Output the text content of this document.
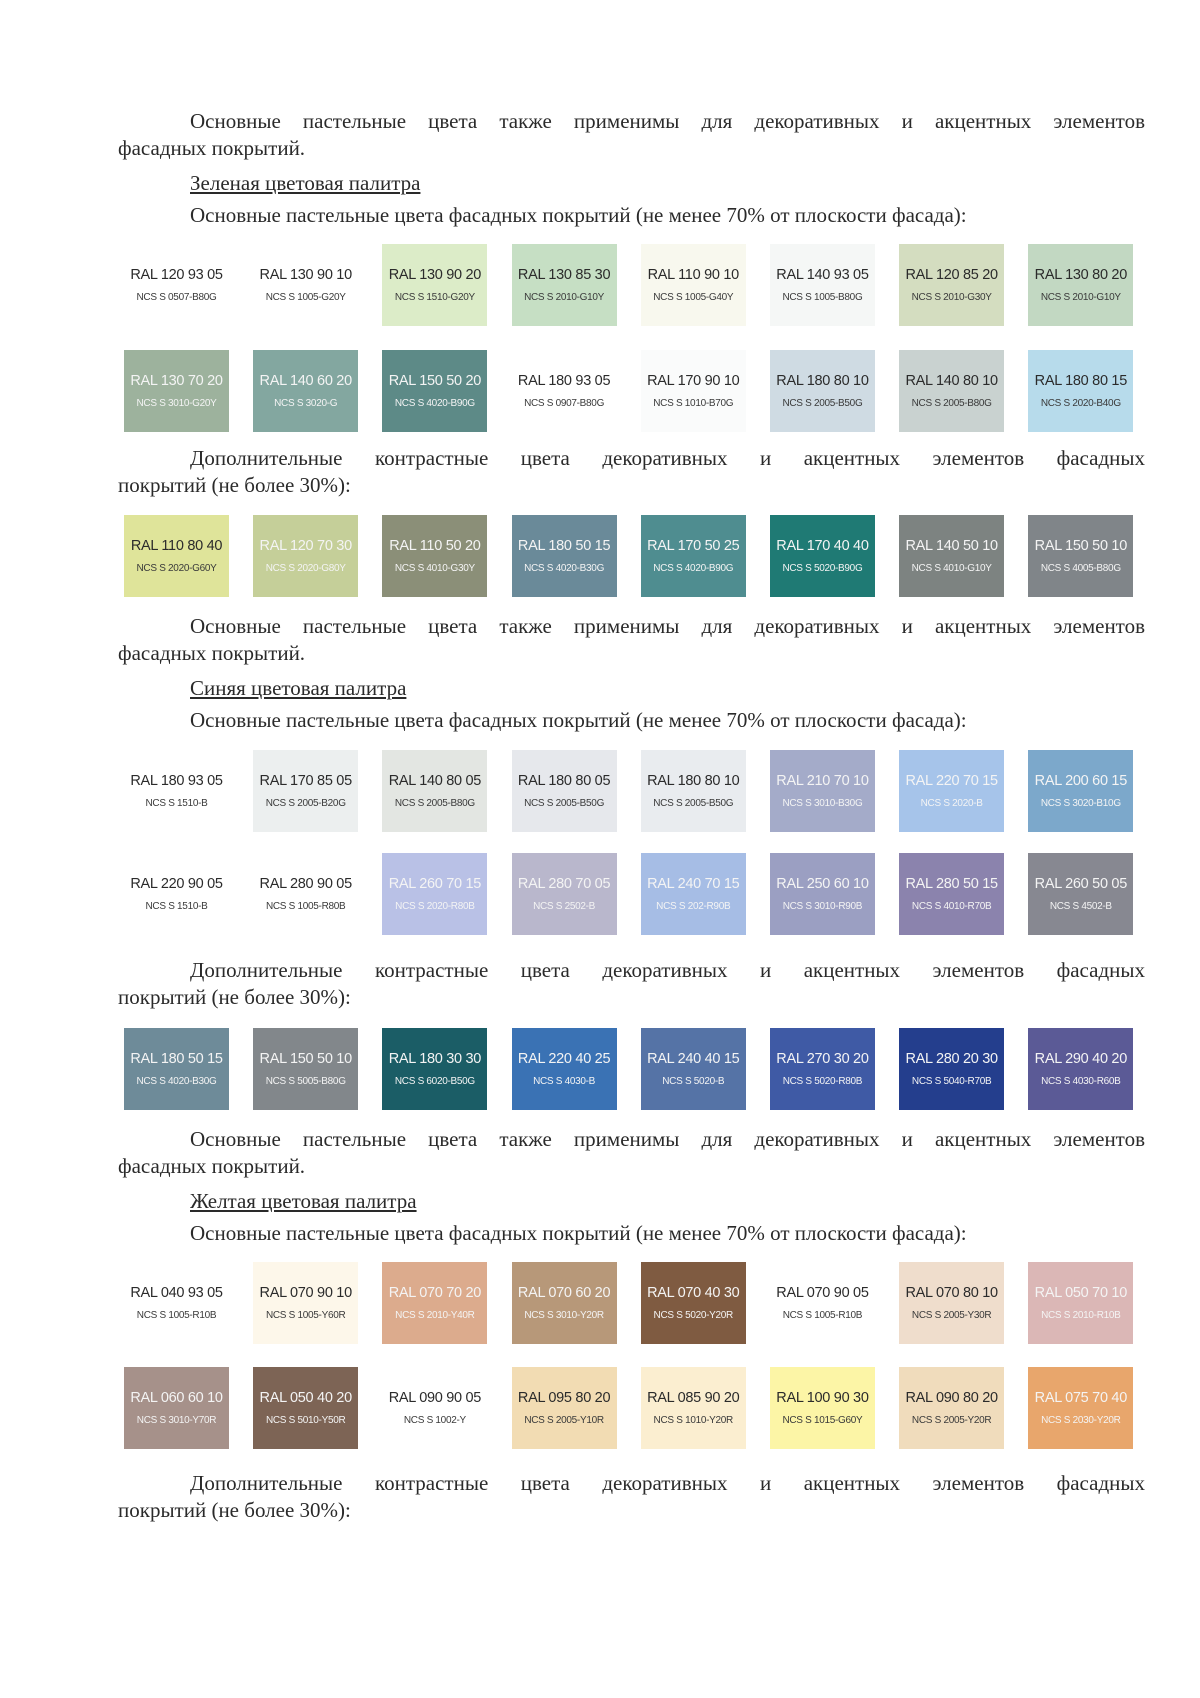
Основные пастельные цвета также применимы для декоративных и акцентных элементов
фасадных покрытий.
Зеленая цветовая палитра
Основные пастельные цвета фасадных покрытий (не менее 70% от плоскости фасада):
RAL 120 93 05
NCS S 0507-B80G
RAL 130 90 10
NCS S 1005-G20Y
RAL 130 90 20
NCS S 1510-G20Y
RAL 130 85 30
NCS S 2010-G10Y
RAL 110 90 10
NCS S 1005-G40Y
RAL 140 93 05
NCS S 1005-B80G
RAL 120 85 20
NCS S 2010-G30Y
RAL 130 80 20
NCS S 2010-G10Y
RAL 130 70 20
NCS S 3010-G20Y
RAL 140 60 20
NCS S 3020-G
RAL 150 50 20
NCS S 4020-B90G
RAL 180 93 05
NCS S 0907-B80G
RAL 170 90 10
NCS S 1010-B70G
RAL 180 80 10
NCS S 2005-B50G
RAL 140 80 10
NCS S 2005-B80G
RAL 180 80 15
NCS S 2020-B40G
Дополнительные контрастные цвета декоративных и акцентных элементов фасадных
покрытий (не более 30%):
RAL 110 80 40
NCS S 2020-G60Y
RAL 120 70 30
NCS S 2020-G80Y
RAL 110 50 20
NCS S 4010-G30Y
RAL 180 50 15
NCS S 4020-B30G
RAL 170 50 25
NCS S 4020-B90G
RAL 170 40 40
NCS S 5020-B90G
RAL 140 50 10
NCS S 4010-G10Y
RAL 150 50 10
NCS S 4005-B80G
Основные пастельные цвета также применимы для декоративных и акцентных элементов
фасадных покрытий.
Синяя цветовая палитра
Основные пастельные цвета фасадных покрытий (не менее 70% от плоскости фасада):
RAL 180 93 05
NCS S 1510-B
RAL 170 85 05
NCS S 2005-B20G
RAL 140 80 05
NCS S 2005-B80G
RAL 180 80 05
NCS S 2005-B50G
RAL 180 80 10
NCS S 2005-B50G
RAL 210 70 10
NCS S 3010-B30G
RAL 220 70 15
NCS S 2020-B
RAL 200 60 15
NCS S 3020-B10G
RAL 220 90 05
NCS S 1510-B
RAL 280 90 05
NCS S 1005-R80B
RAL 260 70 15
NCS S 2020-R80B
RAL 280 70 05
NCS S 2502-B
RAL 240 70 15
NCS S 202-R90B
RAL 250 60 10
NCS S 3010-R90B
RAL 280 50 15
NCS S 4010-R70B
RAL 260 50 05
NCS S 4502-B
Дополнительные контрастные цвета декоративных и акцентных элементов фасадных
покрытий (не более 30%):
RAL 180 50 15
NCS S 4020-B30G
RAL 150 50 10
NCS S 5005-B80G
RAL 180 30 30
NCS S 6020-B50G
RAL 220 40 25
NCS S 4030-B
RAL 240 40 15
NCS S 5020-B
RAL 270 30 20
NCS S 5020-R80B
RAL 280 20 30
NCS S 5040-R70B
RAL 290 40 20
NCS S 4030-R60B
Основные пастельные цвета также применимы для декоративных и акцентных элементов
фасадных покрытий.
Желтая цветовая палитра
Основные пастельные цвета фасадных покрытий (не менее 70% от плоскости фасада):
RAL 040 93 05
NCS S 1005-R10B
RAL 070 90 10
NCS S 1005-Y60R
RAL 070 70 20
NCS S 2010-Y40R
RAL 070 60 20
NCS S 3010-Y20R
RAL 070 40 30
NCS S 5020-Y20R
RAL 070 90 05
NCS S 1005-R10B
RAL 070 80 10
NCS S 2005-Y30R
RAL 050 70 10
NCS S 2010-R10B
RAL 060 60 10
NCS S 3010-Y70R
RAL 050 40 20
NCS S 5010-Y50R
RAL 090 90 05
NCS S 1002-Y
RAL 095 80 20
NCS S 2005-Y10R
RAL 085 90 20
NCS S 1010-Y20R
RAL 100 90 30
NCS S 1015-G60Y
RAL 090 80 20
NCS S 2005-Y20R
RAL 075 70 40
NCS S 2030-Y20R
Дополнительные контрастные цвета декоративных и акцентных элементов фасадных
покрытий (не более 30%):
